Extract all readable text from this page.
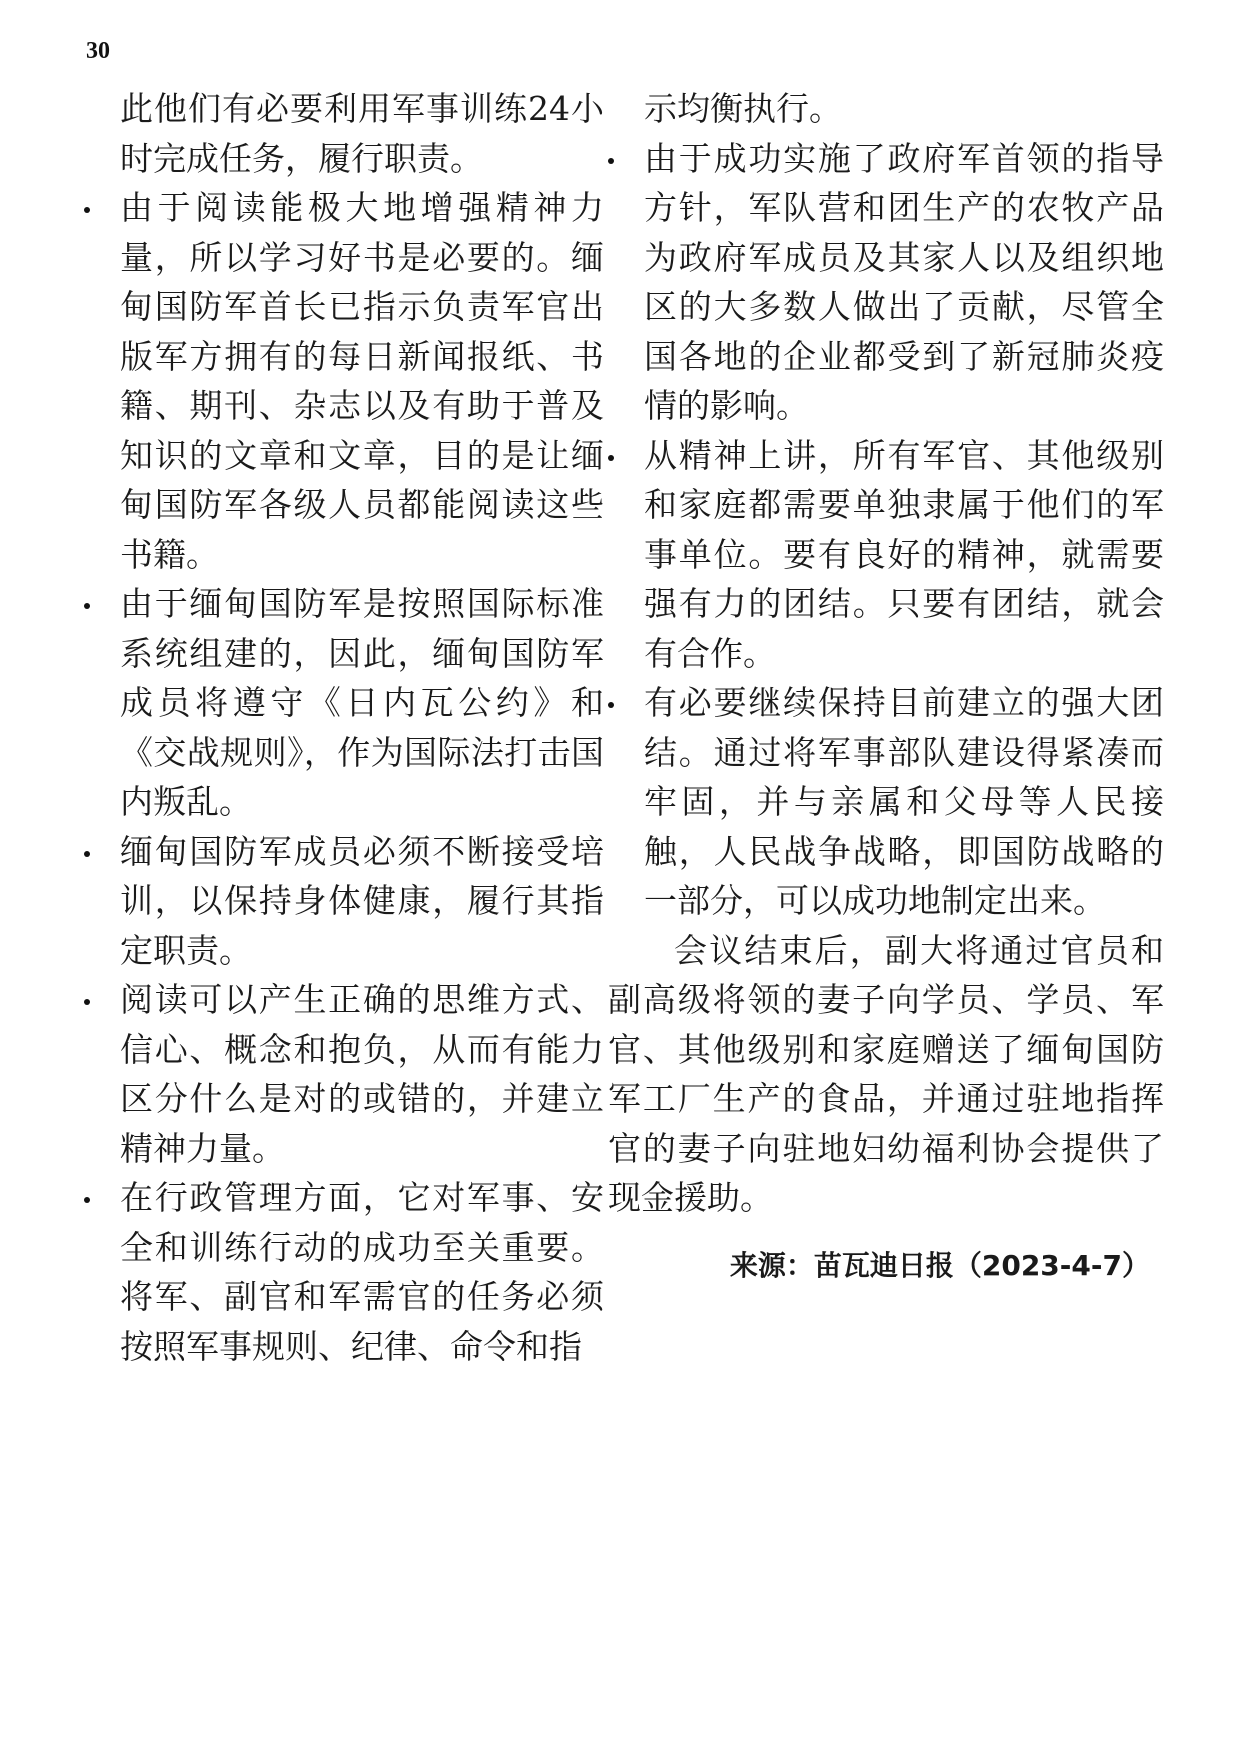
30

此他们有必要利用军事训练24小时完成任务，履行职责。

由于阅读能极大地增强精神力量，所以学习好书是必要的。缅甸国防军首长已指示负责军官出版军方拥有的每日新闻报纸、书籍、期刊、杂志以及有助于普及知识的文章和文章，目的是让缅甸国防军各级人员都能阅读这些书籍。
由于缅甸国防军是按照国际标准系统组建的，因此，缅甸国防军成员将遵守《日内瓦公约》和《交战规则》，作为国际法打击国内叛乱。
缅甸国防军成员必须不断接受培训，以保持身体健康，履行其指定职责。
阅读可以产生正确的思维方式、信心、概念和抱负，从而有能力区分什么是对的或错的，并建立精神力量。
在行政管理方面，它对军事、安全和训练行动的成功至关重要。将军、副官和军需官的任务必须按照军事规则、纪律、命令和指

示均衡执行。

由于成功实施了政府军首领的指导方针，军队营和团生产的农牧产品为政府军成员及其家人以及组织地区的大多数人做出了贡献，尽管全国各地的企业都受到了新冠肺炎疫情的影响。
从精神上讲，所有军官、其他级别和家庭都需要单独隶属于他们的军事单位。要有良好的精神，就需要强有力的团结。只要有团结，就会有合作。
有必要继续保持目前建立的强大团结。通过将军事部队建设得紧凑而牢固，并与亲属和父母等人民接触，人民战争战略，即国防战略的一部分，可以成功地制定出来。

会议结束后，副大将通过官员和副高级将领的妻子向学员、学员、军官、其他级别和家庭赠送了缅甸国防军工厂生产的食品，并通过驻地指挥官的妻子向驻地妇幼福利协会提供了现金援助。

来源：苗瓦迪日报（2023-4-7）
